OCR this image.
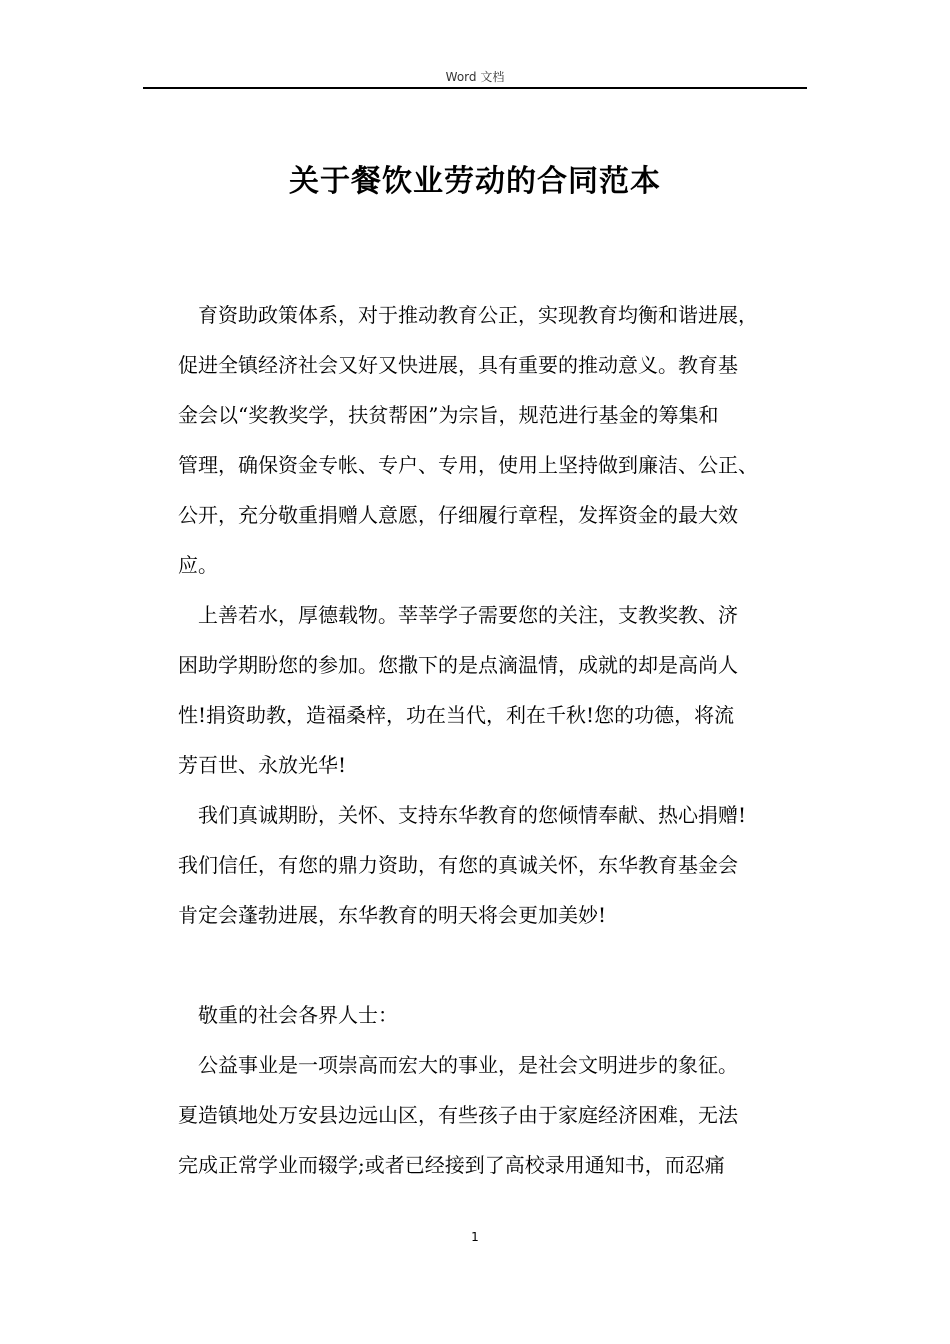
Word 文档
关于餐饮业劳动的合同范本

育资助政策体系，对于推动教育公正，实现教育均衡和谐进展，
促进全镇经济社会又好又快进展，具有重要的推动意义。教育基
金会以“奖教奖学，扶贫帮困”为宗旨，规范进行基金的筹集和
管理，确保资金专帐、专户、专用，使用上坚持做到廉洁、公正、
公开，充分敬重捐赠人意愿，仔细履行章程，发挥资金的最大效
应。

上善若水，厚德载物。莘莘学子需要您的关注，支教奖教、济
困助学期盼您的参加。您撒下的是点滴温情，成就的却是高尚人
性!捐资助教，造福桑梓，功在当代，利在千秋!您的功德，将流
芳百世、永放光华!

我们真诚期盼，关怀、支持东华教育的您倾情奉献、热心捐赠!
我们信任，有您的鼎力资助，有您的真诚关怀，东华教育基金会
肯定会蓬勃进展，东华教育的明天将会更加美妙!

敬重的社会各界人士：

公益事业是一项崇高而宏大的事业，是社会文明进步的象征。
夏造镇地处万安县边远山区，有些孩子由于家庭经济困难，无法
完成正常学业而辍学;或者已经接到了高校录用通知书，而忍痛

1
